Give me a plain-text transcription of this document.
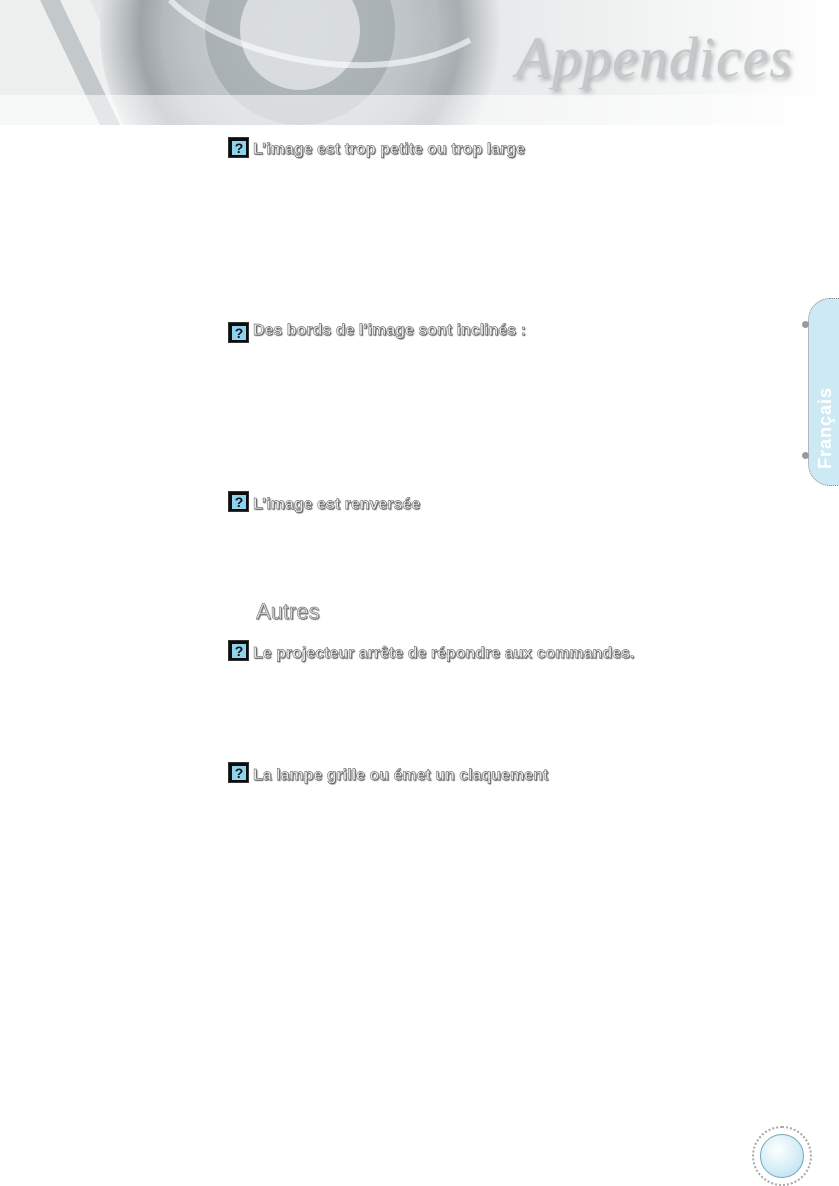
Appendices
? L’image est trop petite ou trop large
? Des bords de l’image sont inclinés :
? L’image est renversée
Autres
? Le projecteur arrête de répondre aux commandes.
? La lampe grille ou émet un claquement
Français
